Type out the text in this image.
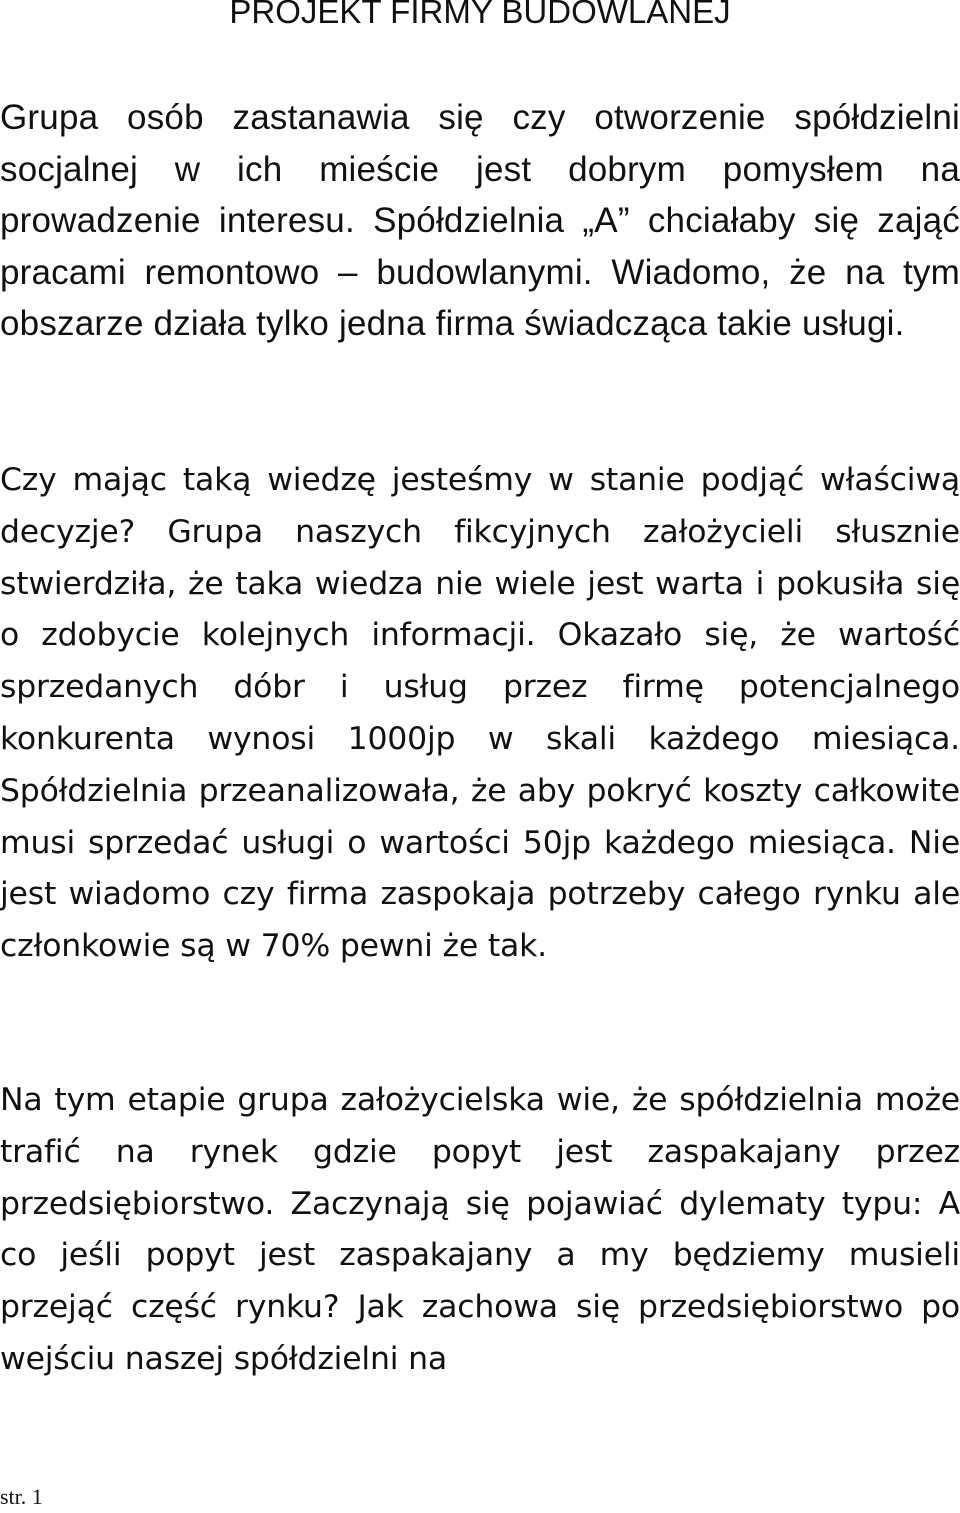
PROJEKT FIRMY BUDOWLANEJ

Grupa osób zastanawia się czy otworzenie spółdzielni socjalnej w ich mieście jest dobrym pomysłem na prowadzenie interesu. Spółdzielnia „A” chciałaby się zająć pracami remontowo – budowlanymi. Wiadomo, że na tym obszarze działa tylko jedna firma świadcząca takie usługi.

Czy mając taką wiedzę jesteśmy w stanie podjąć właściwą decyzje? Grupa naszych fikcyjnych założycieli słusznie stwierdziła, że taka wiedza nie wiele jest warta i pokusiła się o zdobycie kolejnych informacji. Okazało się, że wartość sprzedanych dóbr i usług przez firmę potencjalnego konkurenta wynosi 1000jp w skali każdego miesiąca. Spółdzielnia przeanalizowała, że aby pokryć koszty całkowite musi sprzedać usługi o wartości 50jp każdego miesiąca. Nie jest wiadomo czy firma zaspokaja potrzeby całego rynku ale członkowie są w 70% pewni że tak.

Na tym etapie grupa założycielska wie, że spółdzielnia może trafić na rynek gdzie popyt jest zaspakajany przez przedsiębiorstwo. Zaczynają się pojawiać dylematy typu: A co jeśli popyt jest zaspakajany a my będziemy musieli przejąć część rynku? Jak zachowa się przedsiębiorstwo po wejściu naszej spółdzielni na

str. 1
